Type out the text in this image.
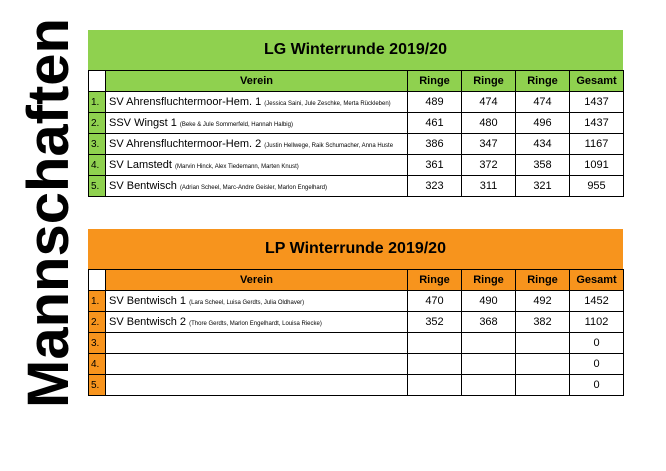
Mannschaften	LG Winterrunde 2019/20
	Verein	Ringe	Ringe	Ringe	Gesamt
1.	SV Ahrensfluchtermoor-Hem. 1 (Jessica Saini, Jule Zeschke, Merta Rückleben)	489	474	474	1437
2.	SSV Wingst 1 (Beke & Jule Sommerfeld, Hannah Halbig)	461	480	496	1437
3.	SV Ahrensfluchtermoor-Hem. 2 (Justin Hellwege, Raik Schumacher, Anna Huste	386	347	434	1167
4.	SV Lamstedt (Marvin Hinck, Alex Tiedemann, Marten Knust)	361	372	358	1091
5.	SV Bentwisch (Adrian Scheel, Marc-Andre Geisler, Marlon Engelhard)	323	311	321	955
LP Winterrunde 2019/20
	Verein	Ringe	Ringe	Ringe	Gesamt
1.	SV Bentwisch 1 (Lara Scheel, Luisa Gerdts, Julia Oldhaver)	470	490	492	1452
2.	SV Bentwisch 2 (Thore Gerdts, Marlon Engelhardt, Louisa Riecke)	352	368	382	1102
3.					0
4.					0
5.					0
